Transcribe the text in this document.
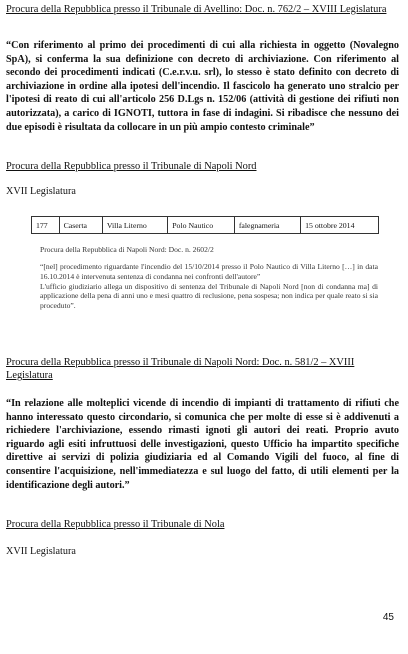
Procura della Repubblica presso il Tribunale di Avellino: Doc. n. 762/2 – XVIII Legislatura
“Con riferimento al primo dei procedimenti di cui alla richiesta in oggetto (Novalegno SpA), si conferma la sua definizione con decreto di archiviazione. Con riferimento al secondo dei procedimenti indicati (C.e.r.v.u. srl), lo stesso è stato definito con decreto di archiviazione in ordine alla ipotesi dell'incendio. Il fascicolo ha generato uno stralcio per l'ipotesi di reato di cui all'articolo 256 D.Lgs n. 152/06 (attività di gestione dei rifiuti non autorizzata), a carico di IGNOTI, tuttora in fase di indagini. Si ribadisce che nessuno dei due episodi è risultata da collocare in un più ampio contesto criminale”
Procura della Repubblica presso il Tribunale di Napoli Nord
XVII Legislatura
177	Caserta	Villa Literno	Polo Nautico	falegnameria	15 ottobre 2014
Procura della Repubblica di Napoli Nord: Doc. n. 2602/2
“[nel] procedimento riguardante l'incendio del 15/10/2014 presso il Polo Nautico di Villa Literno […] in data 16.10.2014 è intervenuta sentenza di condanna nei confronti dell'autore”
L'ufficio giudiziario allega un dispositivo di sentenza del Tribunale di Napoli Nord [non di condanna ma] di applicazione della pena di anni uno e mesi quattro di reclusione, pena sospesa; non indica per quale reato si sia proceduto”.
Procura della Repubblica presso il Tribunale di Napoli Nord: Doc. n. 581/2 – XVIII Legislatura
“In relazione alle molteplici vicende di incendio di impianti di trattamento di rifiuti che hanno interessato questo circondario, si comunica che per molte di esse si è addivenuti a richiedere l'archiviazione, essendo rimasti ignoti gli autori dei reati. Proprio avuto riguardo agli esiti infruttuosi delle investigazioni, questo Ufficio ha impartito specifiche direttive ai servizi di polizia giudiziaria ed al Comando Vigili del fuoco, al fine di consentire l'acquisizione, nell'immediatezza e sul luogo del fatto, di utili elementi per la identificazione degli autori.”
Procura della Repubblica presso il Tribunale di Nola
XVII Legislatura
45
